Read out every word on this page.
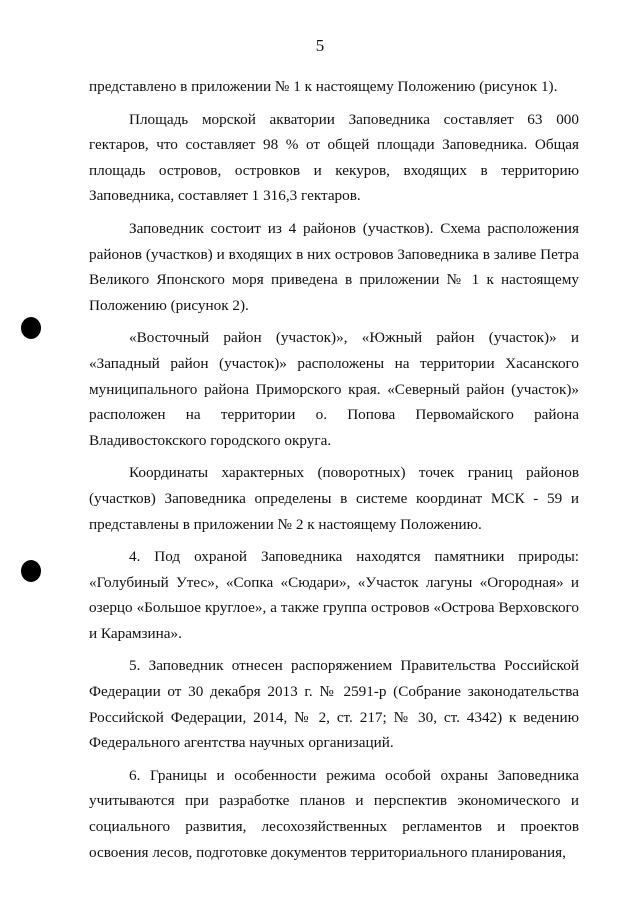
5

представлено в приложении № 1 к настоящему Положению (рисунок 1).

Площадь морской акватории Заповедника составляет 63 000 гектаров, что составляет 98 % от общей площади Заповедника. Общая площадь островов, островков и кекуров, входящих в территорию Заповедника, составляет 1 316,3 гектаров.

Заповедник состоит из 4 районов (участков). Схема расположения районов (участков) и входящих в них островов Заповедника в заливе Петра Великого Японского моря приведена в приложении № 1 к настоящему Положению (рисунок 2).

«Восточный район (участок)», «Южный район (участок)» и «Западный район (участок)» расположены на территории Хасанского муниципального района Приморского края. «Северный район (участок)» расположен на территории о. Попова Первомайского района Владивостокского городского округа.

Координаты характерных (поворотных) точек границ районов (участков) Заповедника определены в системе координат МСК - 59 и представлены в приложении № 2 к настоящему Положению.

4. Под охраной Заповедника находятся памятники природы: «Голубиный Утес», «Сопка «Сюдари», «Участок лагуны «Огородная» и озерцо «Большое круглое», а также группа островов «Острова Верховского и Карамзина».

5. Заповедник отнесен распоряжением Правительства Российской Федерации от 30 декабря 2013 г. № 2591-р (Собрание законодательства Российской Федерации, 2014, № 2, ст. 217; № 30, ст. 4342) к ведению Федерального агентства научных организаций.

6. Границы и особенности режима особой охраны Заповедника учитываются при разработке планов и перспектив экономического и социального развития, лесохозяйственных регламентов и проектов освоения лесов, подготовке документов территориального планирования,
